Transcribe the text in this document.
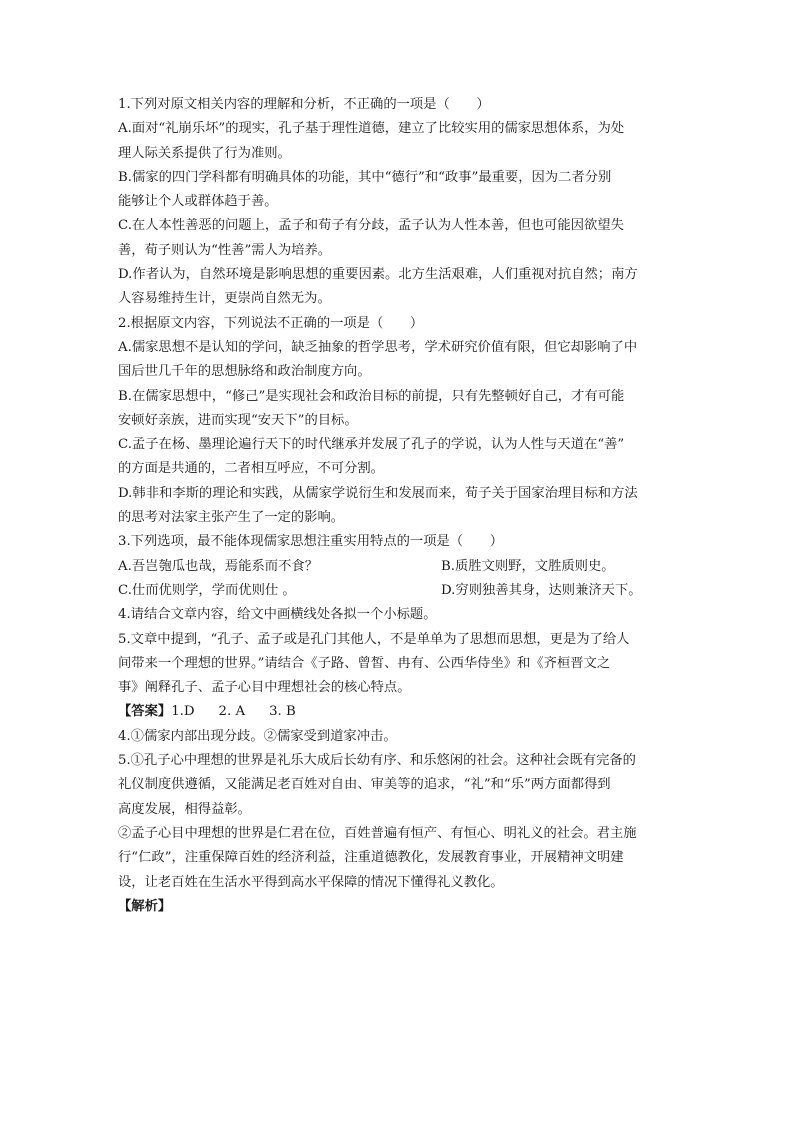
1.下列对原文相关内容的理解和分析，不正确的一项是（　　）

A.面对“礼崩乐坏”的现实，孔子基于理性道德，建立了比较实用的儒家思想体系，为处

理人际关系提供了行为准则。

B.儒家的四门学科都有明确具体的功能，其中“德行”和“政事”最重要，因为二者分别

能够让个人或群体趋于善。

C.在人本性善恶的问题上，孟子和荀子有分歧，孟子认为人性本善，但也可能因欲望失

善，荀子则认为“性善”需人为培养。

D.作者认为，自然环境是影响思想的重要因素。北方生活艰难，人们重视对抗自然；南方

人容易维持生计，更崇尚自然无为。

2.根据原文内容，下列说法不正确的一项是（　　）

A.儒家思想不是认知的学问，缺乏抽象的哲学思考，学术研究价值有限，但它却影响了中

国后世几千年的思想脉络和政治制度方向。

B.在儒家思想中，“修己”是实现社会和政治目标的前提，只有先整顿好自己，才有可能

安顿好亲族，进而实现“安天下”的目标。

C.孟子在杨、墨理论遍行天下的时代继承并发展了孔子的学说，认为人性与天道在“善”

的方面是共通的，二者相互呼应，不可分割。

D.韩非和李斯的理论和实践，从儒家学说衍生和发展而来，荀子关于国家治理目标和方法

的思考对法家主张产生了一定的影响。

3.下列选项，最不能体现儒家思想注重实用特点的一项是（　　）

A.吾岂匏瓜也哉，焉能系而不食？	B.质胜文则野，文胜质则史。
C.仕而优则学，学而优则仕 。	D.穷则独善其身，达则兼济天下。

4.请结合文章内容，给文中画横线处各拟一个小标题。

5.文章中提到，“孔子、孟子或是孔门其他人，不是单单为了思想而思想，更是为了给人

间带来一个理想的世界。”请结合《子路、曾皙、冉有、公西华侍坐》和《齐桓晋文之

事》阐释孔子、孟子心目中理想社会的核心特点。

【答案】1.D 2. A 3. B

4.①儒家内部出现分歧。②儒家受到道家冲击。

5.①孔子心中理想的世界是礼乐大成后长幼有序、和乐悠闲的社会。这种社会既有完备的

礼仪制度供遵循，又能满足老百姓对自由、审美等的追求，“礼”和“乐”两方面都得到

高度发展，相得益彰。

②孟子心目中理想的世界是仁君在位，百姓普遍有恒产、有恒心、明礼义的社会。君主施

行“仁政”，注重保障百姓的经济利益，注重道德教化，发展教育事业，开展精神文明建

设，让老百姓在生活水平得到高水平保障的情况下懂得礼义教化。

【解析】
